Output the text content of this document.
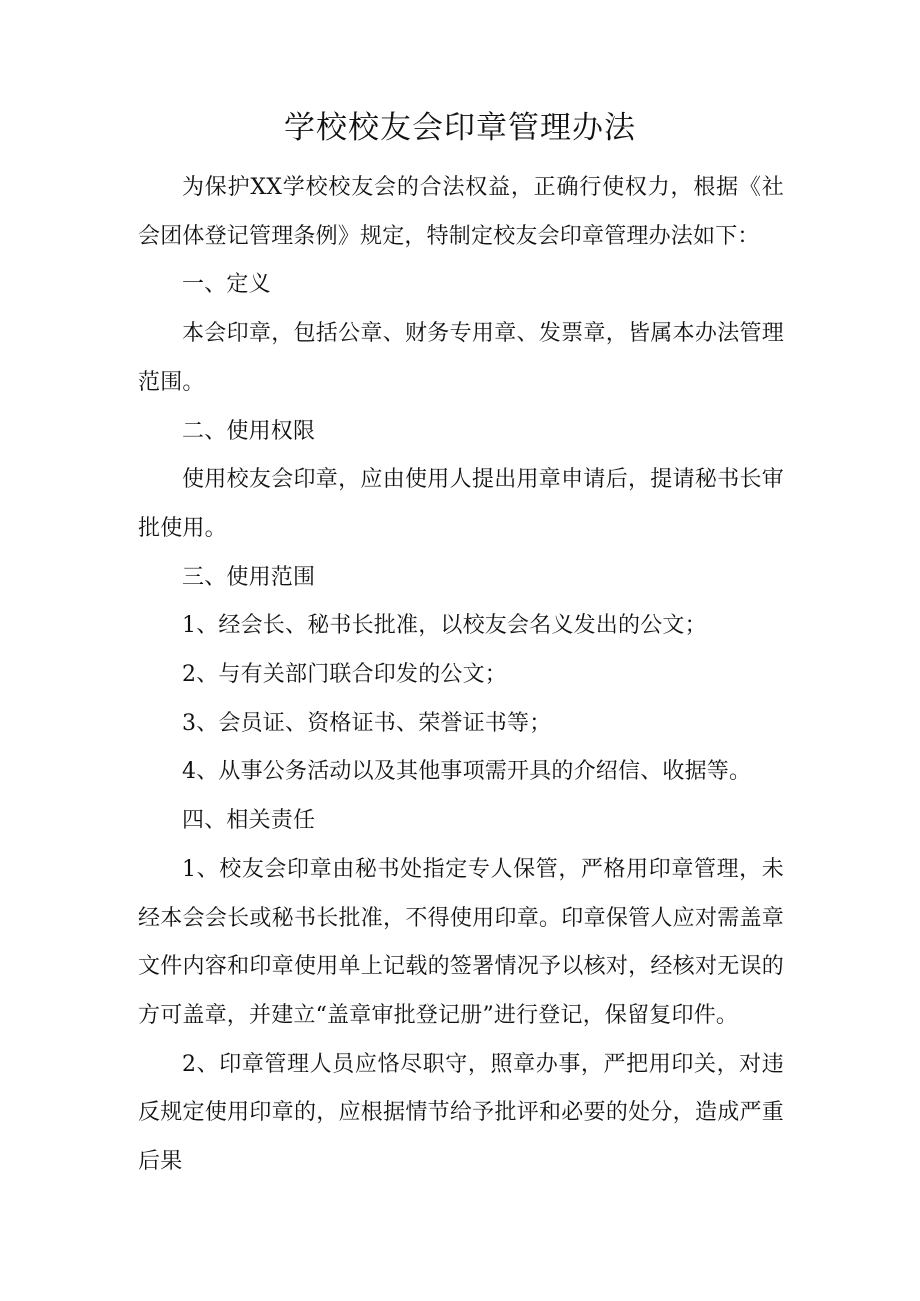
学校校友会印章管理办法

为保护XX学校校友会的合法权益，正确行使权力，根据《社会团体登记管理条例》规定，特制定校友会印章管理办法如下：

一、定义

本会印章，包括公章、财务专用章、发票章，皆属本办法管理范围。

二、使用权限

使用校友会印章，应由使用人提出用章申请后，提请秘书长审批使用。

三、使用范围

1、经会长、秘书长批准，以校友会名义发出的公文；

2、与有关部门联合印发的公文；

3、会员证、资格证书、荣誉证书等；

4、从事公务活动以及其他事项需开具的介绍信、收据等。

四、相关责任

1、校友会印章由秘书处指定专人保管，严格用印章管理，未经本会会长或秘书长批准，不得使用印章。印章保管人应对需盖章文件内容和印章使用单上记载的签署情况予以核对，经核对无误的方可盖章，并建立“盖章审批登记册”进行登记，保留复印件。

2、印章管理人员应恪尽职守，照章办事，严把用印关，对违反规定使用印章的，应根据情节给予批评和必要的处分，造成严重后果
